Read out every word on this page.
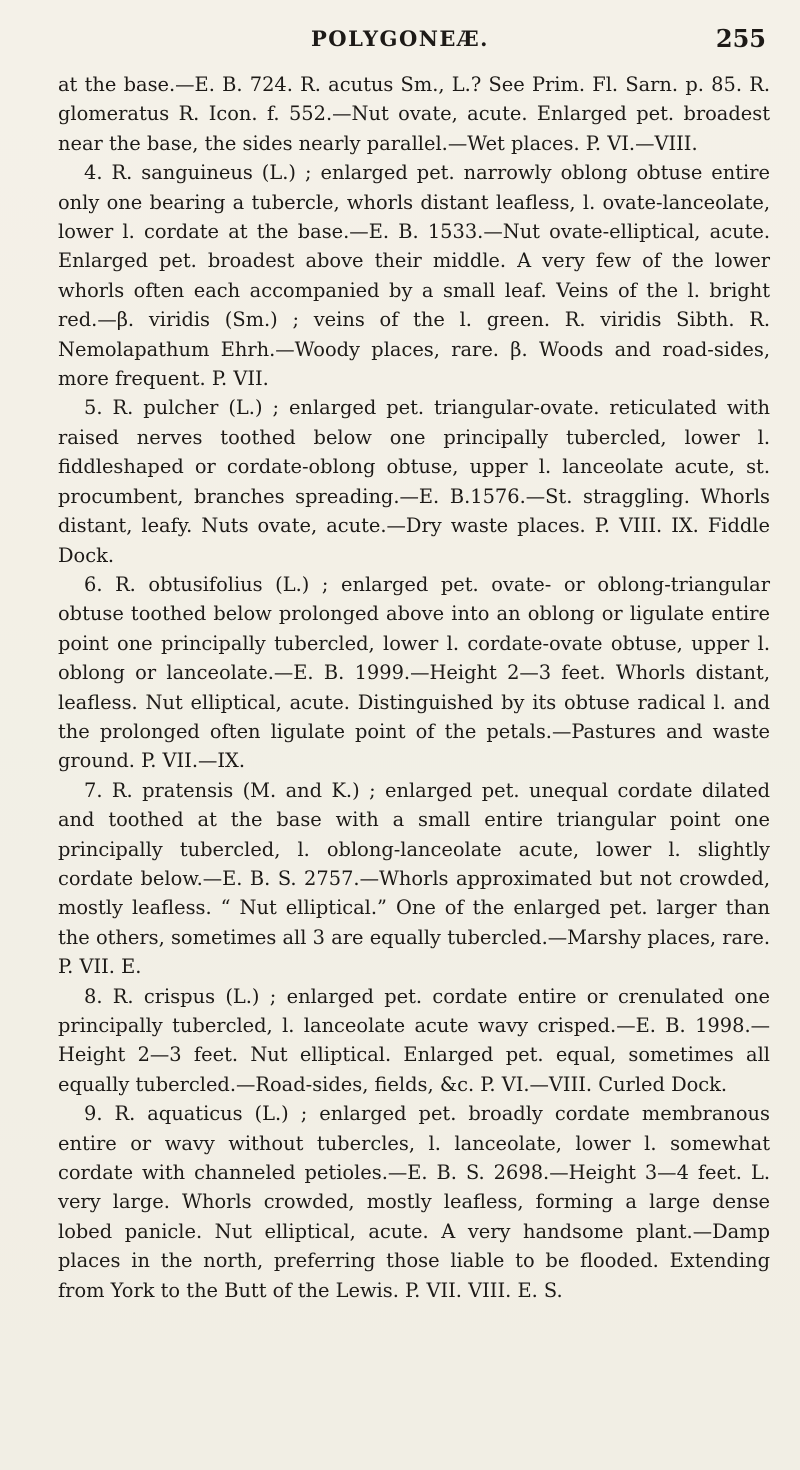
POLYGONEÆ.	255

at the base.—E. B. 724. R. acutus Sm., L.? See Prim. Fl. Sarn. p. 85. R. glomeratus R. Icon. f. 552.—Nut ovate, acute. Enlarged pet. broadest near the base, the sides nearly parallel.—Wet places. P. VI.—VIII.

4. R. sanguineus (L.) ; enlarged pet. narrowly oblong obtuse entire only one bearing a tubercle, whorls distant leafless, l. ovate-lanceolate, lower l. cordate at the base.—E. B. 1533.—Nut ovate-elliptical, acute. Enlarged pet. broadest above their middle. A very few of the lower whorls often each accompanied by a small leaf. Veins of the l. bright red.—β. viridis (Sm.) ; veins of the l. green. R. viridis Sibth. R. Nemolapathum Ehrh.—Woody places, rare. β. Woods and road-sides, more frequent. P. VII.

5. R. pulcher (L.) ; enlarged pet. triangular-ovate. reticulated with raised nerves toothed below one principally tubercled, lower l. fiddleshaped or cordate-oblong obtuse, upper l. lanceolate acute, st. procumbent, branches spreading.—E. B.1576.—St. straggling. Whorls distant, leafy. Nuts ovate, acute.—Dry waste places. P. VIII. IX. Fiddle Dock.

6. R. obtusifolius (L.) ; enlarged pet. ovate- or oblong-triangular obtuse toothed below prolonged above into an oblong or ligulate entire point one principally tubercled, lower l. cordate-ovate obtuse, upper l. oblong or lanceolate.—E. B. 1999.—Height 2—3 feet. Whorls distant, leafless. Nut elliptical, acute. Distinguished by its obtuse radical l. and the prolonged often ligulate point of the petals.—Pastures and waste ground. P. VII.—IX.

7. R. pratensis (M. and K.) ; enlarged pet. unequal cordate dilated and toothed at the base with a small entire triangular point one principally tubercled, l. oblong-lanceolate acute, lower l. slightly cordate below.—E. B. S. 2757.—Whorls approximated but not crowded, mostly leafless. “ Nut elliptical.” One of the enlarged pet. larger than the others, sometimes all 3 are equally tubercled.—Marshy places, rare. P. VII. E.

8. R. crispus (L.) ; enlarged pet. cordate entire or crenulated one principally tubercled, l. lanceolate acute wavy crisped.—E. B. 1998.—Height 2—3 feet. Nut elliptical. Enlarged pet. equal, sometimes all equally tubercled.—Road-sides, fields, &c. P. VI.—VIII. Curled Dock.

9. R. aquaticus (L.) ; enlarged pet. broadly cordate membranous entire or wavy without tubercles, l. lanceolate, lower l. somewhat cordate with channeled petioles.—E. B. S. 2698.—Height 3—4 feet. L. very large. Whorls crowded, mostly leafless, forming a large dense lobed panicle. Nut elliptical, acute. A very handsome plant.—Damp places in the north, preferring those liable to be flooded. Extending from York to the Butt of the Lewis. P. VII. VIII. E. S.
